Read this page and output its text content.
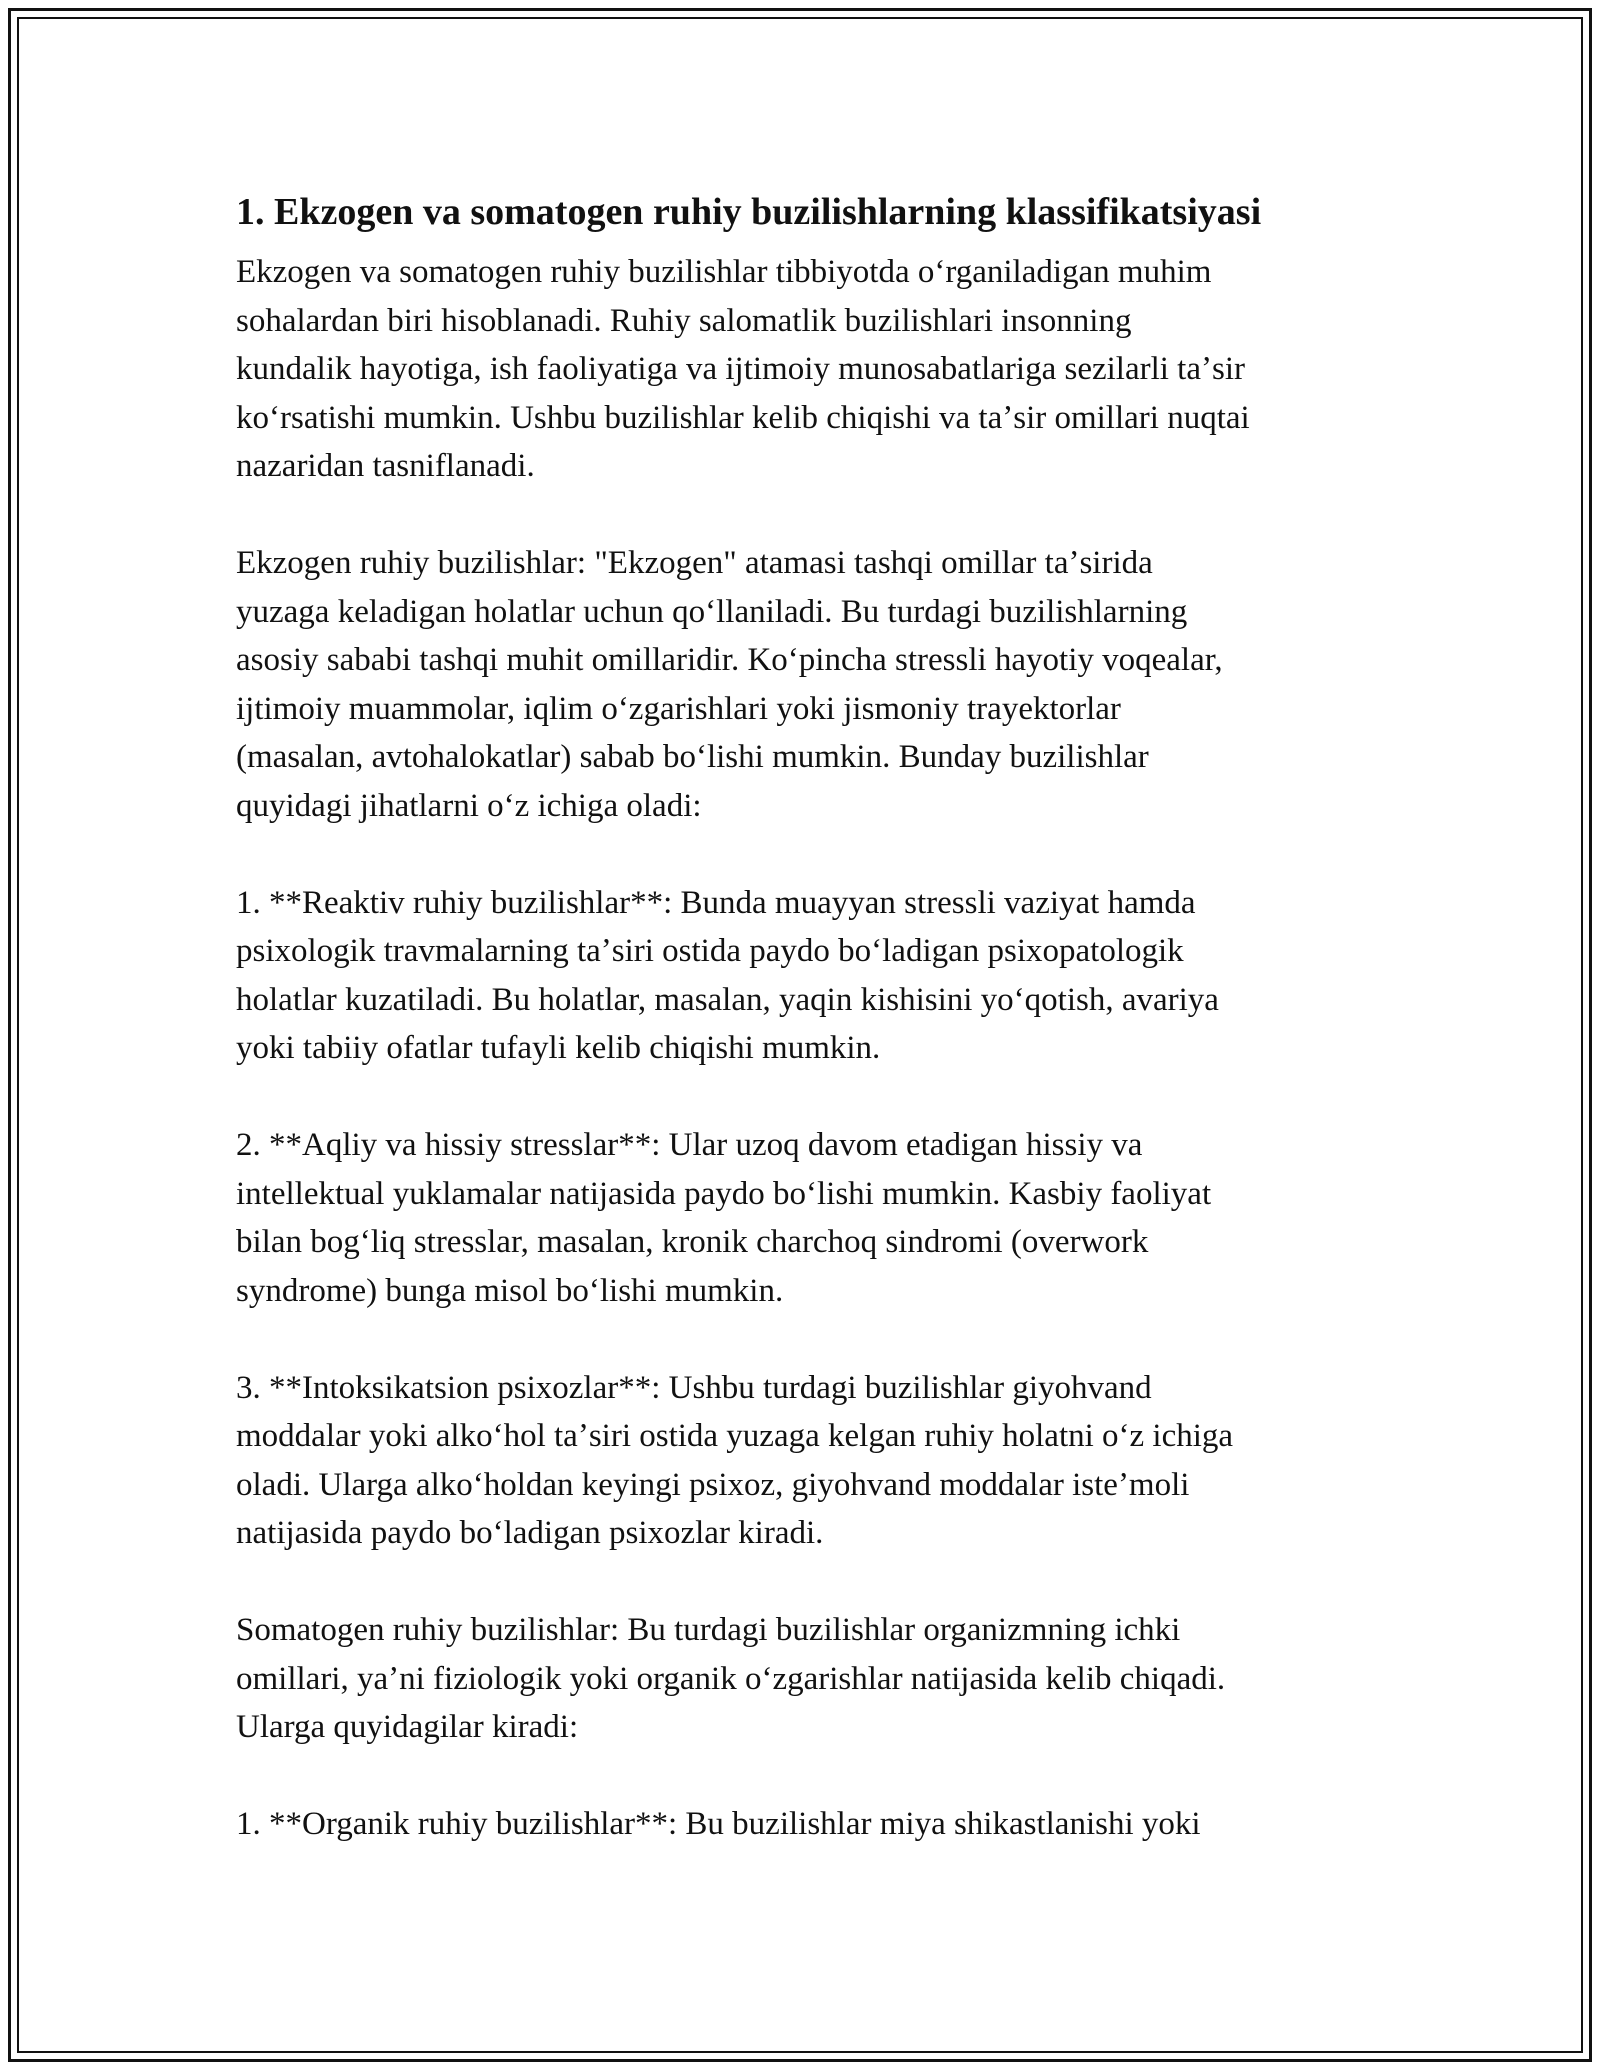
1. Ekzogen va somatogen ruhiy buzilishlarning klassifikatsiyasi

Ekzogen va somatogen ruhiy buzilishlar tibbiyotda oʻrganiladigan muhim
sohalardan biri hisoblanadi. Ruhiy salomatlik buzilishlari insonning
kundalik hayotiga, ish faoliyatiga va ijtimoiy munosabatlariga sezilarli taʼsir
koʻrsatishi mumkin. Ushbu buzilishlar kelib chiqishi va taʼsir omillari nuqtai
nazaridan tasniflanadi.

Ekzogen ruhiy buzilishlar: "Ekzogen" atamasi tashqi omillar taʼsirida
yuzaga keladigan holatlar uchun qoʻllaniladi. Bu turdagi buzilishlarning
asosiy sababi tashqi muhit omillaridir. Koʻpincha stressli hayotiy voqealar,
ijtimoiy muammolar, iqlim oʻzgarishlari yoki jismoniy trayektorlar
(masalan, avtohalokatlar) sabab boʻlishi mumkin. Bunday buzilishlar
quyidagi jihatlarni oʻz ichiga oladi:

1. **Reaktiv ruhiy buzilishlar**: Bunda muayyan stressli vaziyat hamda
psixologik travmalarning taʼsiri ostida paydo boʻladigan psixopatologik
holatlar kuzatiladi. Bu holatlar, masalan, yaqin kishisini yoʻqotish, avariya
yoki tabiiy ofatlar tufayli kelib chiqishi mumkin.

2. **Aqliy va hissiy stresslar**: Ular uzoq davom etadigan hissiy va
intellektual yuklamalar natijasida paydo boʻlishi mumkin. Kasbiy faoliyat
bilan bogʻliq stresslar, masalan, kronik charchoq sindromi (overwork
syndrome) bunga misol boʻlishi mumkin.

3. **Intoksikatsion psixozlar**: Ushbu turdagi buzilishlar giyohvand
moddalar yoki alkoʻhol taʼsiri ostida yuzaga kelgan ruhiy holatni oʻz ichiga
oladi. Ularga alkoʻholdan keyingi psixoz, giyohvand moddalar isteʼmoli
natijasida paydo boʻladigan psixozlar kiradi.

Somatogen ruhiy buzilishlar: Bu turdagi buzilishlar organizmning ichki
omillari, yaʼni fiziologik yoki organik oʻzgarishlar natijasida kelib chiqadi.
Ularga quyidagilar kiradi:

1. **Organik ruhiy buzilishlar**: Bu buzilishlar miya shikastlanishi yoki
